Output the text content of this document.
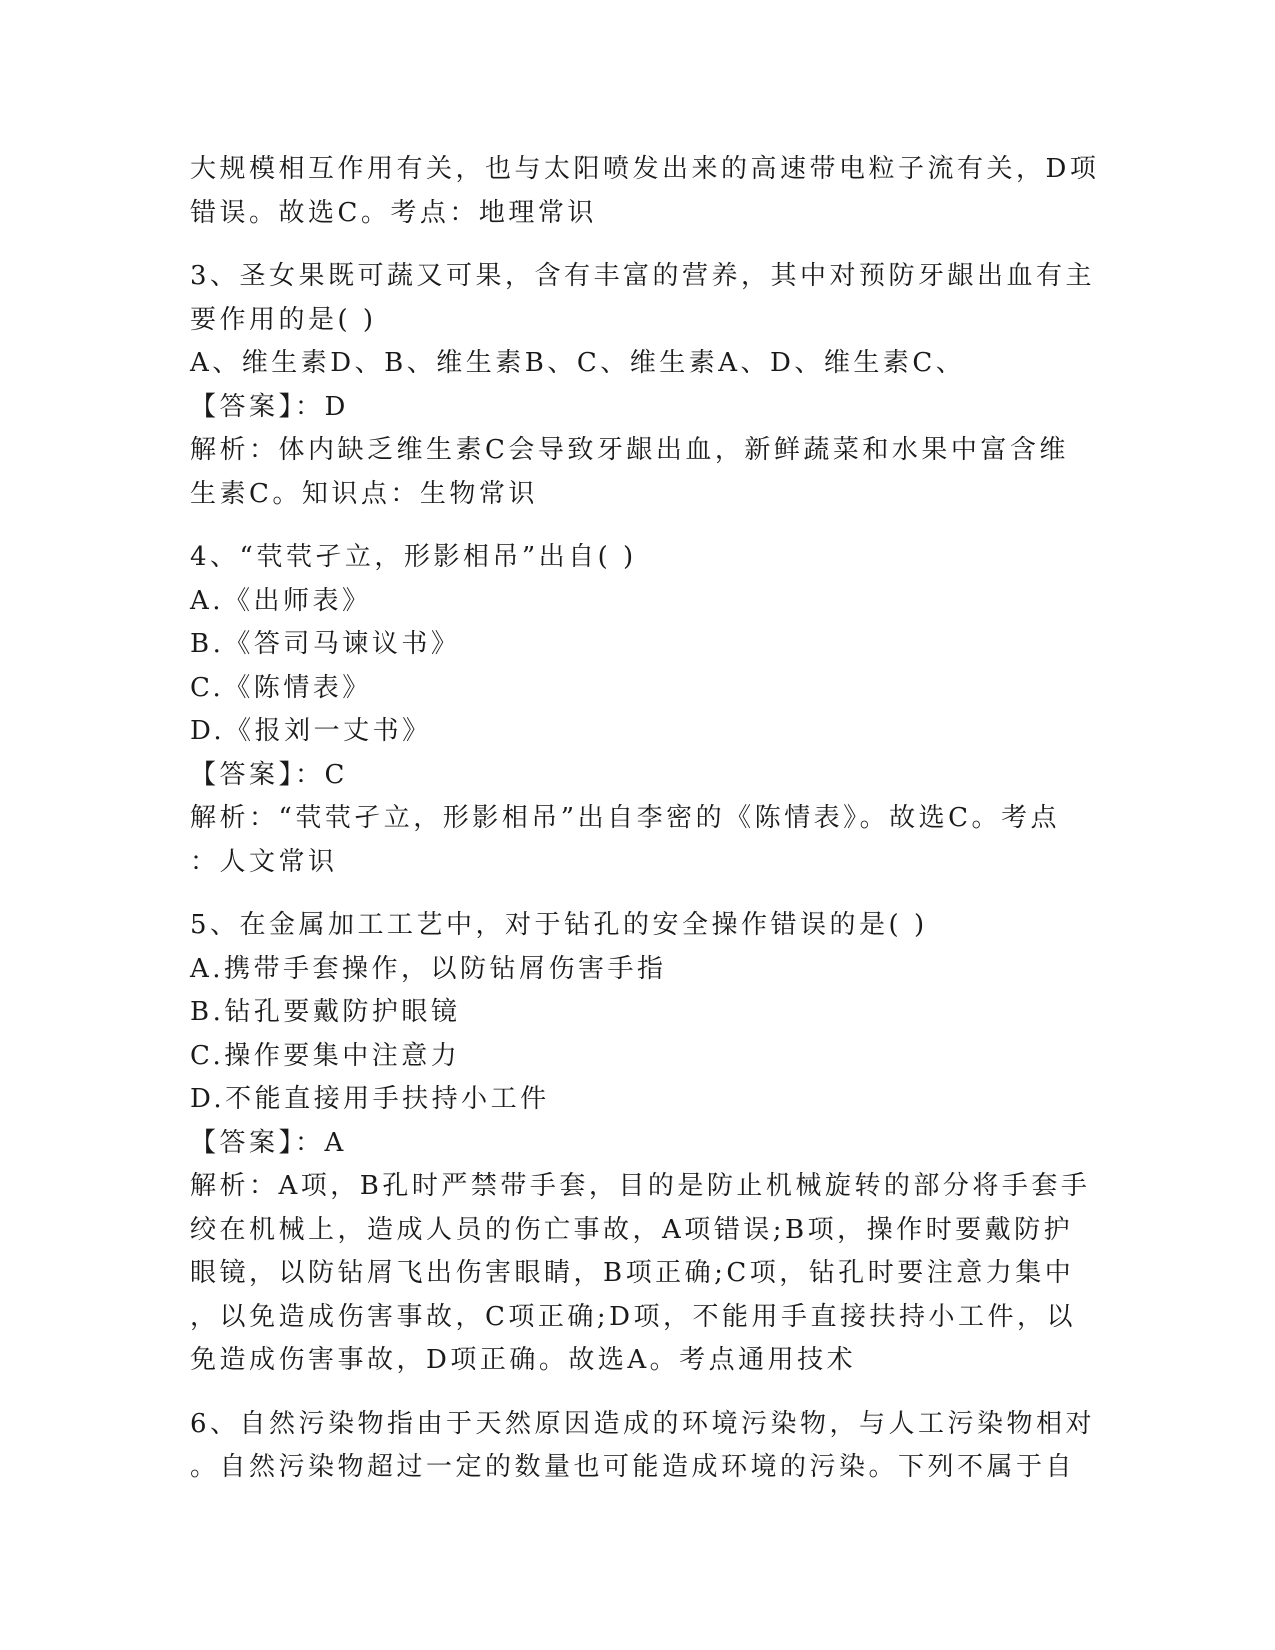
大规模相互作用有关，也与太阳喷发出来的高速带电粒子流有关，D项

错误。故选C。考点：地理常识

3、圣女果既可蔬又可果，含有丰富的营养，其中对预防牙龈出血有主

要作用的是( )

A、维生素D、B、维生素B、C、维生素A、D、维生素C、

【答案】：D

解析：体内缺乏维生素C会导致牙龈出血，新鲜蔬菜和水果中富含维

生素C。知识点：生物常识

4、“茕茕孑立，形影相吊”出自( )

A.《出师表》

B.《答司马谏议书》

C.《陈情表》

D.《报刘一丈书》

【答案】：C

解析：“茕茕孑立，形影相吊”出自李密的《陈情表》。故选C。考点

：人文常识

5、在金属加工工艺中，对于钻孔的安全操作错误的是( )

A.携带手套操作，以防钻屑伤害手指

B.钻孔要戴防护眼镜

C.操作要集中注意力

D.不能直接用手扶持小工件

【答案】：A

解析：A项，B孔时严禁带手套，目的是防止机械旋转的部分将手套手

绞在机械上，造成人员的伤亡事故，A项错误;B项，操作时要戴防护

眼镜，以防钻屑飞出伤害眼睛，B项正确;C项，钻孔时要注意力集中

，以免造成伤害事故，C项正确;D项，不能用手直接扶持小工件，以

免造成伤害事故，D项正确。故选A。考点通用技术

6、自然污染物指由于天然原因造成的环境污染物，与人工污染物相对

。自然污染物超过一定的数量也可能造成环境的污染。下列不属于自
